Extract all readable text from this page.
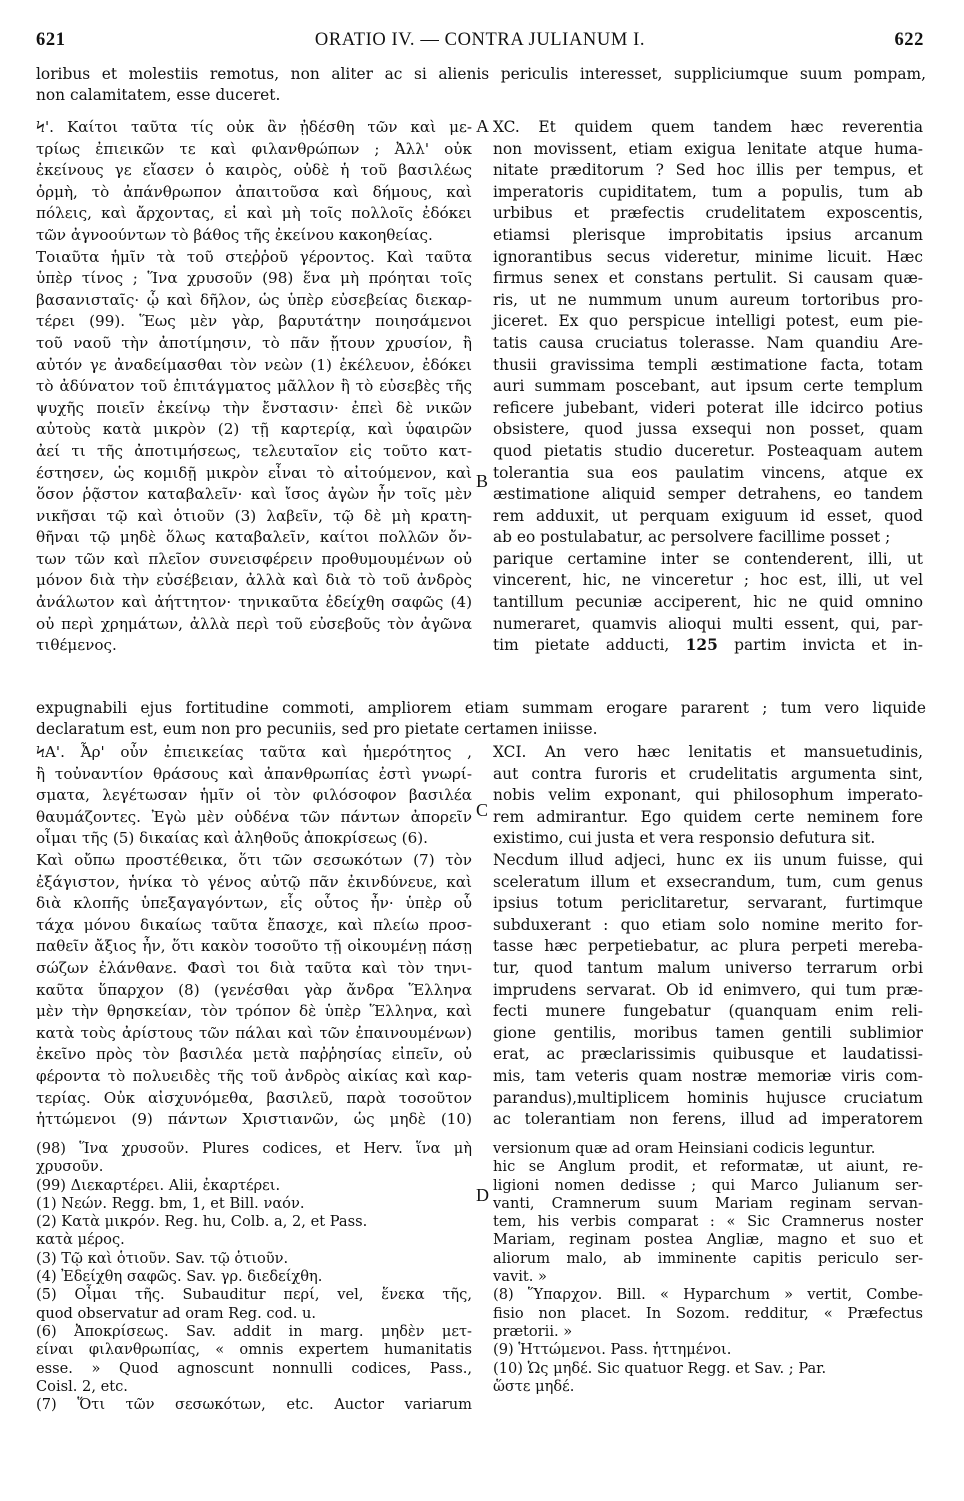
621	ORATIO IV. — CONTRA JULIANUM I.	622
loribus et molestiis remotus, non aliter ac si alienis periculis interesset, suppliciumque suum pompam,
non calamitatem, esse duceret.
Ϟ'. Καίτοι ταῦτα τίς οὐκ ἂν ᾐδέσθη τῶν καὶ με-
τρίως ἐπιεικῶν τε καὶ φιλανθρώπων ; Ἀλλ' οὐκ
ἐκείνους γε εἴασεν ὁ καιρὸς, οὐδὲ ἡ τοῦ βασιλέως
ὁρμὴ, τὸ ἀπάνθρωπον ἀπαιτοῦσα καὶ δήμους, καὶ
πόλεις, καὶ ἄρχοντας, εἰ καὶ μὴ τοῖς πολλοῖς ἐδόκει
τῶν ἀγνοούντων τὸ βάθος τῆς ἐκείνου κακοηθείας.
Τοιαῦτα ἡμῖν τὰ τοῦ στεῤῥοῦ γέροντος. Καὶ ταῦτα
ὑπὲρ τίνος ; Ἵνα χρυσοῦν (98) ἕνα μὴ πρόηται τοῖς
βασανισταῖς· ᾧ καὶ δῆλον, ὡς ὑπὲρ εὐσεβείας διεκαρ-
τέρει (99). Ἕως μὲν γὰρ, βαρυτάτην ποιησάμενοι
τοῦ ναοῦ τὴν ἀποτίμησιν, τὸ πᾶν ᾔτουν χρυσίον, ἢ
αὐτόν γε ἀναδείμασθαι τὸν νεὼν (1) ἐκέλευον, ἐδόκει
τὸ ἀδύνατον τοῦ ἐπιτάγματος μᾶλλον ἢ τὸ εὐσεβὲς τῆς
ψυχῆς ποιεῖν ἐκείνῳ τὴν ἔνστασιν· ἐπεὶ δὲ νικῶν
αὐτοὺς κατὰ μικρὸν (2) τῇ καρτερίᾳ, καὶ ὑφαιρῶν
ἀεί τι τῆς ἀποτιμήσεως, τελευταῖον εἰς τοῦτο κατ-
έστησεν, ὡς κομιδῇ μικρὸν εἶναι τὸ αἰτούμενον, καὶ
ὅσον ῥᾷστον καταβαλεῖν· καὶ ἴσος ἀγὼν ἦν τοῖς μὲν
νικῆσαι τῷ καὶ ὁτιοῦν (3) λαβεῖν, τῷ δὲ μὴ κρατη-
θῆναι τῷ μηδὲ ὅλως καταβαλεῖν, καίτοι πολλῶν ὄν-
των τῶν καὶ πλεῖον συνεισφέρειν προθυμουμένων οὐ
μόνον διὰ τὴν εὐσέβειαν, ἀλλὰ καὶ διὰ τὸ τοῦ ἀνδρὸς
ἀνάλωτον καὶ ἀήττητον· τηνικαῦτα ἐδείχθη σαφῶς (4)
οὐ περὶ χρημάτων, ἀλλὰ περὶ τοῦ εὐσεβοῦς τὸν ἀγῶνα
τιθέμενος.
XC. Et quidem quem tandem hæc reverentia
non movissent, etiam exigua lenitate atque huma-
nitate præditorum ? Sed hoc illis per tempus, et
imperatoris cupiditatem, tum a populis, tum ab
urbibus et præfectis crudelitatem exposcentis,
etiamsi plerisque improbitatis ipsius arcanum
ignorantibus secus videretur, minime licuit. Hæc
firmus senex et constans pertulit. Si causam quæ-
ris, ut ne nummum unum aureum tortoribus pro-
jiceret. Ex quo perspicue intelligi potest, eum pie-
tatis causa cruciatus tolerasse. Nam quandiu Are-
thusii gravissima templi æstimatione facta, totam
auri summam poscebant, aut ipsum certe templum
reficere jubebant, videri poterat ille idcirco potius
obsistere, quod jussa exsequi non posset, quam
quod pietatis studio duceretur. Posteaquam autem
tolerantia sua eos paulatim vincens, atque ex
æstimatione aliquid semper detrahens, eo tandem
rem adduxit, ut perquam exiguum id esset, quod
ab eo postulabatur, ac persolvere facillime posset ;
parique certamine inter se contenderent, illi, ut
vincerent, hic, ne vinceretur ; hoc est, illi, ut vel
tantillum pecuniæ acciperent, hic ne quid omnino
numeraret, quamvis alioqui multi essent, qui, par-
tim pietate adducti, 125 partim invicta et in-
A
B
C
D
expugnabili ejus fortitudine commoti, ampliorem etiam summam erogare pararent ; tum vero liquide
declaratum est, eum non pro pecuniis, sed pro pietate certamen iniisse.
ϞΑ'. Ἆρ' οὖν ἐπιεικείας ταῦτα καὶ ἡμερότητος ,
ἢ τοὐναντίον θράσους καὶ ἀπανθρωπίας ἐστὶ γνωρί-
σματα, λεγέτωσαν ἡμῖν οἱ τὸν φιλόσοφον βασιλέα
θαυμάζοντες. Ἐγὼ μὲν οὐδένα τῶν πάντων ἀπορεῖν
οἶμαι τῆς (5) δικαίας καὶ ἀληθοῦς ἀποκρίσεως (6).
Καὶ οὔπω προστέθεικα, ὅτι τῶν σεσωκότων (7) τὸν
ἐξάγιστον, ἡνίκα τὸ γένος αὐτῷ πᾶν ἐκινδύνευε, καὶ
διὰ κλοπῆς ὑπεξαγαγόντων, εἷς οὗτος ἦν· ὑπὲρ οὗ
τάχα μόνου δικαίως ταῦτα ἔπασχε, καὶ πλείω προσ-
παθεῖν ἄξιος ἦν, ὅτι κακὸν τοσοῦτο τῇ οἰκουμένῃ πάσῃ
σώζων ἐλάνθανε. Φασὶ τοι διὰ ταῦτα καὶ τὸν τηνι-
καῦτα ὕπαρχον (8) (γενέσθαι γὰρ ἄνδρα Ἕλληνα
μὲν τὴν θρησκείαν, τὸν τρόπον δὲ ὑπὲρ Ἕλληνα, καὶ
κατὰ τοὺς ἀρίστους τῶν πάλαι καὶ τῶν ἐπαινουμένων)
ἐκεῖνο πρὸς τὸν βασιλέα μετὰ παῤῥησίας εἰπεῖν, οὐ
φέροντα τὸ πολυειδὲς τῆς τοῦ ἀνδρὸς αἰκίας καὶ καρ-
τερίας. Οὐκ αἰσχυνόμεθα, βασιλεῦ, παρὰ τοσοῦτον
ἡττώμενοι (9) πάντων Χριστιανῶν, ὡς μηδὲ (10)
XCI. An vero hæc lenitatis et mansuetudinis,
aut contra furoris et crudelitatis argumenta sint,
nobis velim exponant, qui philosophum imperato-
rem admirantur. Ego quidem certe neminem fore
existimo, cui justa et vera responsio defutura sit.
Necdum illud adjeci, hunc ex iis unum fuisse, qui
sceleratum illum et exsecrandum, tum, cum genus
ipsius totum periclitaretur, servarant, furtimque
subduxerant : quo etiam solo nomine merito for-
tasse hæc perpetiebatur, ac plura perpeti mereba-
tur, quod tantum malum universo terrarum orbi
imprudens servarat. Ob id enimvero, qui tum præ-
fecti munere fungebatur (quanquam enim reli-
gione gentilis, moribus tamen gentili sublimior
erat, ac præclarissimis quibusque et laudatissi-
mis, tam veteris quam nostræ memoriæ viris com-
parandus),multiplicem hominis hujusce cruciatum
ac tolerantiam non ferens, illud ad imperatorem
(98) Ἵνα χρυσοῦν. Plures codices, et Herv. ἵνα μὴ
χρυσοῦν.
(99) Διεκαρτέρει. Alii, ἐκαρτέρει.
(1) Νεών. Regg. bm, 1, et Bill. ναόν.
(2) Κατὰ μικρόν. Reg. hu, Colb. a, 2, et Pass.
κατὰ μέρος.
(3) Τῷ καὶ ὁτιοῦν. Sav. τῷ ὁτιοῦν.
(4) Ἐδείχθη σαφῶς. Sav. γρ. διεδείχθη.
(5) Οἶμαι τῆς. Subauditur περί, vel, ἕνεκα τῆς,
quod observatur ad oram Reg. cod. u.
(6) Ἀποκρίσεως. Sav. addit in marg. μηδὲν μετ-
είναι φιλανθρωπίας, « omnis expertem humanitatis
esse. » Quod agnoscunt nonnulli codices, Pass.,
Coisl. 2, etc.
(7) Ὅτι τῶν σεσωκότων, etc. Auctor variarum
versionum quæ ad oram Heinsiani codicis leguntur.
hic se Anglum prodit, et reformatæ, ut aiunt, re-
ligioni nomen dedisse ; qui Marco Julianum ser-
vanti, Cramnerum suum Mariam reginam servan-
tem, his verbis comparat : « Sic Cramnerus noster
Mariam, reginam postea Angliæ, magno et suo et
aliorum malo, ab imminente capitis periculo ser-
vavit. »
(8) Ὕπαρχον. Bill. « Hyparchum » vertit, Combe-
fisio non placet. In Sozom. redditur, « Præfectus
prætorii. »
(9) Ἡττώμενοι. Pass. ἡττημένοι.
(10) Ὡς μηδέ. Sic quatuor Regg. et Sav. ; Par.
ὥστε μηδέ.
